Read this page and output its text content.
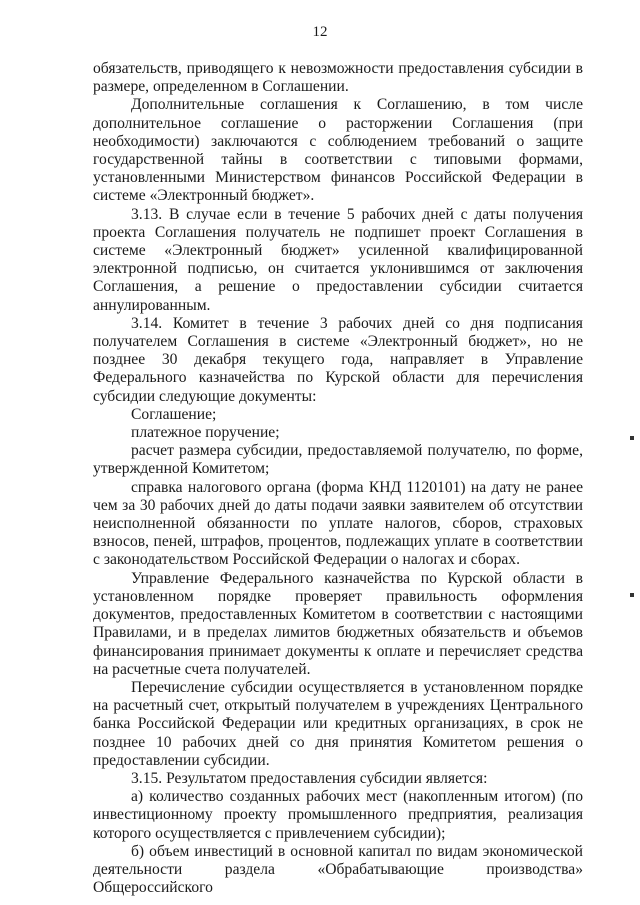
12

обязательств, приводящего к невозможности предоставления субсидии в размере, определенном в Соглашении.

Дополнительные соглашения к Соглашению, в том числе дополнительное соглашение о расторжении Соглашения (при необходимости) заключаются с соблюдением требований о защите государственной тайны в соответствии с типовыми формами, установленными Министерством финансов Российской Федерации в системе «Электронный бюджет».

3.13. В случае если в течение 5 рабочих дней с даты получения проекта Соглашения получатель не подпишет проект Соглашения в системе «Электронный бюджет» усиленной квалифицированной электронной подписью, он считается уклонившимся от заключения Соглашения, а решение о предоставлении субсидии считается аннулированным.

3.14. Комитет в течение 3 рабочих дней со дня подписания получателем Соглашения в системе «Электронный бюджет», но не позднее 30 декабря текущего года, направляет в Управление Федерального казначейства по Курской области для перечисления субсидии следующие документы:

Соглашение;

платежное поручение;

расчет размера субсидии, предоставляемой получателю, по форме, утвержденной Комитетом;

справка налогового органа (форма КНД 1120101) на дату не ранее чем за 30 рабочих дней до даты подачи заявки заявителем об отсутствии неисполненной обязанности по уплате налогов, сборов, страховых взносов, пеней, штрафов, процентов, подлежащих уплате в соответствии с законодательством Российской Федерации о налогах и сборах.

Управление Федерального казначейства по Курской области в установленном порядке проверяет правильность оформления документов, предоставленных Комитетом в соответствии с настоящими Правилами, и в пределах лимитов бюджетных обязательств и объемов финансирования принимает документы к оплате и перечисляет средства на расчетные счета получателей.

Перечисление субсидии осуществляется в установленном порядке на расчетный счет, открытый получателем в учреждениях Центрального банка Российской Федерации или кредитных организациях, в срок не позднее 10 рабочих дней со дня принятия Комитетом решения о предоставлении субсидии.

3.15. Результатом предоставления субсидии является:

а) количество созданных рабочих мест (накопленным итогом) (по инвестиционному проекту промышленного предприятия, реализация которого осуществляется с привлечением субсидии);

б) объем инвестиций в основной капитал по видам экономической деятельности раздела «Обрабатывающие производства» Общероссийского
